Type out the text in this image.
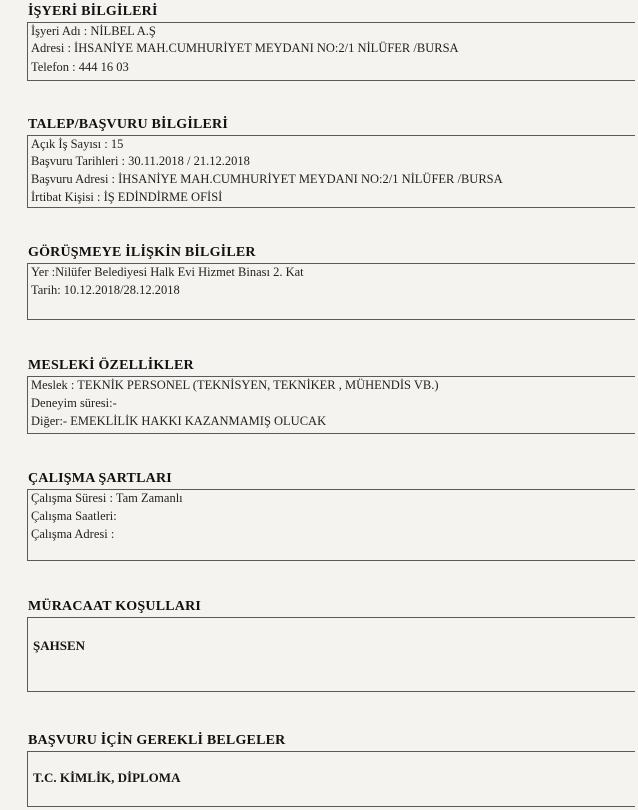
İŞYERİ BİLGİLERİ
İşyeri Adı : NİLBEL A.Ş
Adresi : İHSANİYE MAH.CUMHURİYET MEYDANI NO:2/1 NİLÜFER /BURSA
Telefon : 444 16 03
TALEP/BAŞVURU BİLGİLERİ
Açık İş Sayısı : 15
Başvuru Tarihleri : 30.11.2018 / 21.12.2018
Başvuru Adresi : İHSANİYE MAH.CUMHURİYET MEYDANI NO:2/1 NİLÜFER /BURSA
İrtibat Kişisi : İŞ EDİNDİRME OFİSİ
GÖRÜŞMEYE İLİŞKİN BİLGİLER
Yer :Nilüfer Belediyesi Halk Evi Hizmet Binası 2. Kat
Tarih: 10.12.2018/28.12.2018
MESLEKİ ÖZELLİKLER
Meslek : TEKNİK PERSONEL (TEKNİSYEN, TEKNİKER , MÜHENDİS VB.)
Deneyim süresi:-
Diğer:- EMEKLİLİK HAKKI KAZANMAMIŞ OLUCAK
ÇALIŞMA ŞARTLARI
Çalışma Süresi : Tam Zamanlı
Çalışma Saatleri:
Çalışma Adresi :
MÜRACAAT KOŞULLARI
ŞAHSEN
BAŞVURU İÇİN GEREKLİ BELGELER
T.C. KİMLİK, DİPLOMA
